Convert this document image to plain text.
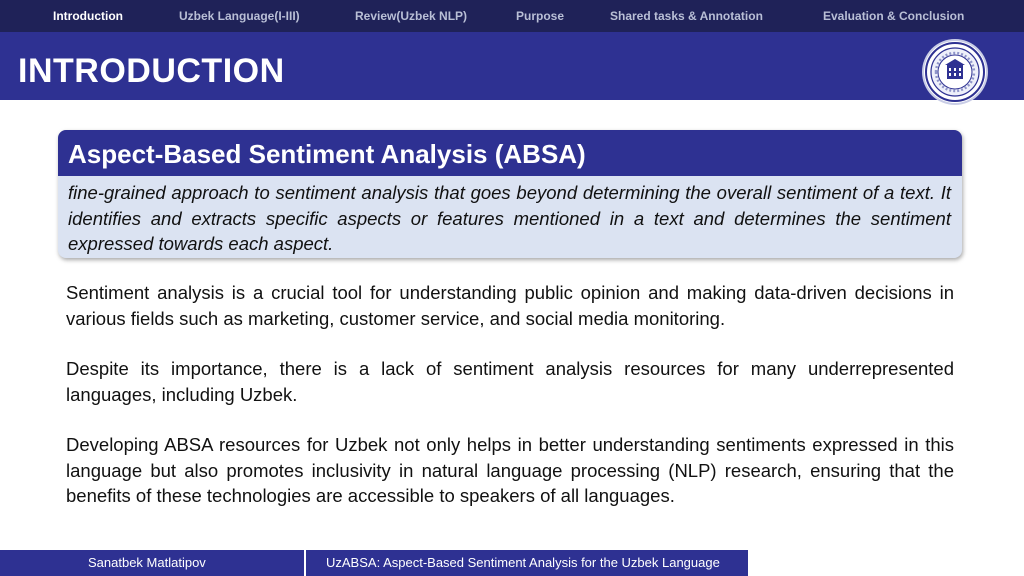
Introduction	Uzbek Language(I-III)	Review(Uzbek NLP)	Purpose	Shared tasks & Annotation	Evaluation & Conclusion
INTRODUCTION
Aspect-Based Sentiment Analysis (ABSA)
fine-grained approach to sentiment analysis that goes beyond determining the overall sentiment of a text. It identifies and extracts specific aspects or features mentioned in a text and determines the sentiment expressed towards each aspect.

Sentiment analysis is a crucial tool for understanding public opinion and making data-driven decisions in various fields such as marketing, customer service, and social media monitoring.

Despite its importance, there is a lack of sentiment analysis resources for many underrepresented languages, including Uzbek.

Developing ABSA resources for Uzbek not only helps in better understanding sentiments expressed in this language but also promotes inclusivity in natural language processing (NLP) research, ensuring that the benefits of these technologies are accessible to speakers of all languages.

Sanatbek Matlatipov	UzABSA: Aspect-Based Sentiment Analysis for the Uzbek Language
